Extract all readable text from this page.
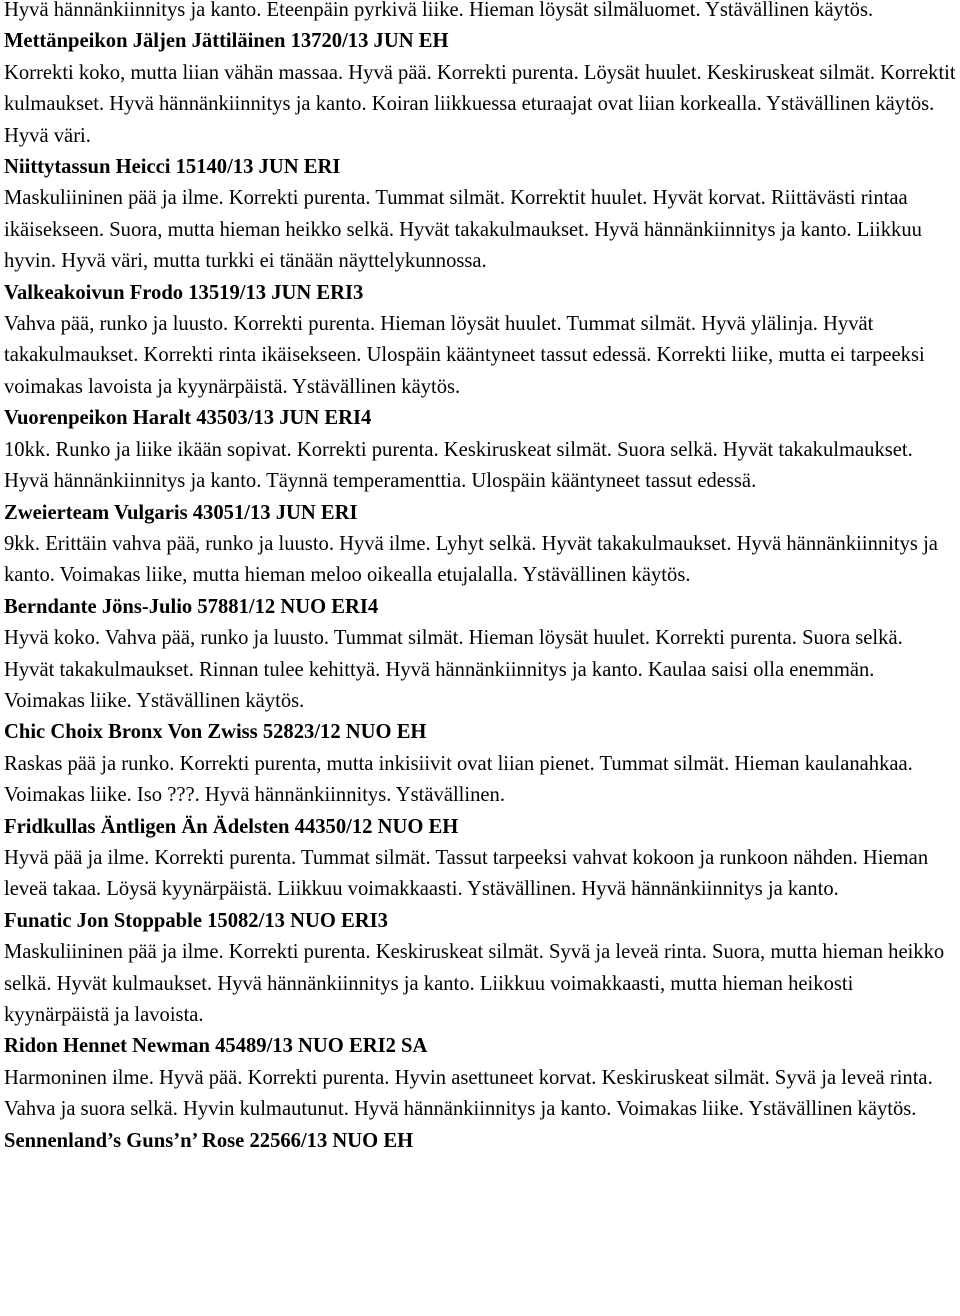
Hyvä hännänkiinnitys ja kanto. Eteenpäin pyrkivä liike. Hieman löysät silmäluomet. Ystävällinen käytös.

Mettänpeikon Jäljen Jättiläinen 13720/13 JUN EH

Korrekti koko, mutta liian vähän massaa. Hyvä pää. Korrekti purenta. Löysät huulet. Keskiruskeat silmät. Korrektit kulmaukset. Hyvä hännänkiinnitys ja kanto. Koiran liikkuessa eturaajat ovat liian korkealla. Ystävällinen käytös. Hyvä väri.

Niittytassun Heicci 15140/13 JUN ERI

Maskuliininen pää ja ilme. Korrekti purenta. Tummat silmät. Korrektit huulet. Hyvät korvat. Riittävästi rintaa ikäisekseen. Suora, mutta hieman heikko selkä. Hyvät takakulmaukset. Hyvä hännänkiinnitys ja kanto. Liikkuu hyvin. Hyvä väri, mutta turkki ei tänään näyttelykunnossa.

Valkeakoivun Frodo 13519/13 JUN ERI3

Vahva pää, runko ja luusto. Korrekti purenta. Hieman löysät huulet. Tummat silmät. Hyvä ylälinja. Hyvät takakulmaukset. Korrekti rinta ikäisekseen. Ulospäin kääntyneet tassut edessä. Korrekti liike, mutta ei tarpeeksi voimakas lavoista ja kyynärpäistä. Ystävällinen käytös.

Vuorenpeikon Haralt 43503/13 JUN ERI4

10kk. Runko ja liike ikään sopivat. Korrekti purenta. Keskiruskeat silmät. Suora selkä. Hyvät takakulmaukset. Hyvä hännänkiinnitys ja kanto. Täynnä temperamenttia. Ulospäin kääntyneet tassut edessä.

Zweierteam Vulgaris 43051/13 JUN ERI

9kk. Erittäin vahva pää, runko ja luusto. Hyvä ilme. Lyhyt selkä. Hyvät takakulmaukset. Hyvä hännänkiinnitys ja kanto. Voimakas liike, mutta hieman meloo oikealla etujalalla. Ystävällinen käytös.

Berndante Jöns-Julio 57881/12 NUO ERI4

Hyvä koko. Vahva pää, runko ja luusto. Tummat silmät. Hieman löysät huulet. Korrekti purenta. Suora selkä. Hyvät takakulmaukset. Rinnan tulee kehittyä. Hyvä hännänkiinnitys ja kanto. Kaulaa saisi olla enemmän. Voimakas liike. Ystävällinen käytös.

Chic Choix Bronx Von Zwiss 52823/12 NUO EH

Raskas pää ja runko. Korrekti purenta, mutta inkisiivit ovat liian pienet. Tummat silmät. Hieman kaulanahkaa. Voimakas liike. Iso ???. Hyvä hännänkiinnitys. Ystävällinen.

Fridkullas Äntligen Än Ädelsten 44350/12 NUO EH

Hyvä pää ja ilme. Korrekti purenta. Tummat silmät. Tassut tarpeeksi vahvat kokoon ja runkoon nähden. Hieman leveä takaa. Löysä kyynärpäistä. Liikkuu voimakkaasti. Ystävällinen. Hyvä hännänkiinnitys ja kanto.

Funatic Jon Stoppable 15082/13 NUO ERI3

Maskuliininen pää ja ilme. Korrekti purenta. Keskiruskeat silmät. Syvä ja leveä rinta. Suora, mutta hieman heikko selkä. Hyvät kulmaukset. Hyvä hännänkiinnitys ja kanto. Liikkuu voimakkaasti, mutta hieman heikosti kyynärpäistä ja lavoista.

Ridon Hennet Newman 45489/13 NUO ERI2 SA

Harmoninen ilme. Hyvä pää. Korrekti purenta. Hyvin asettuneet korvat. Keskiruskeat silmät. Syvä ja leveä rinta. Vahva ja suora selkä. Hyvin kulmautunut. Hyvä hännänkiinnitys ja kanto. Voimakas liike. Ystävällinen käytös.

Sennenland’s Guns’n’ Rose 22566/13 NUO EH
